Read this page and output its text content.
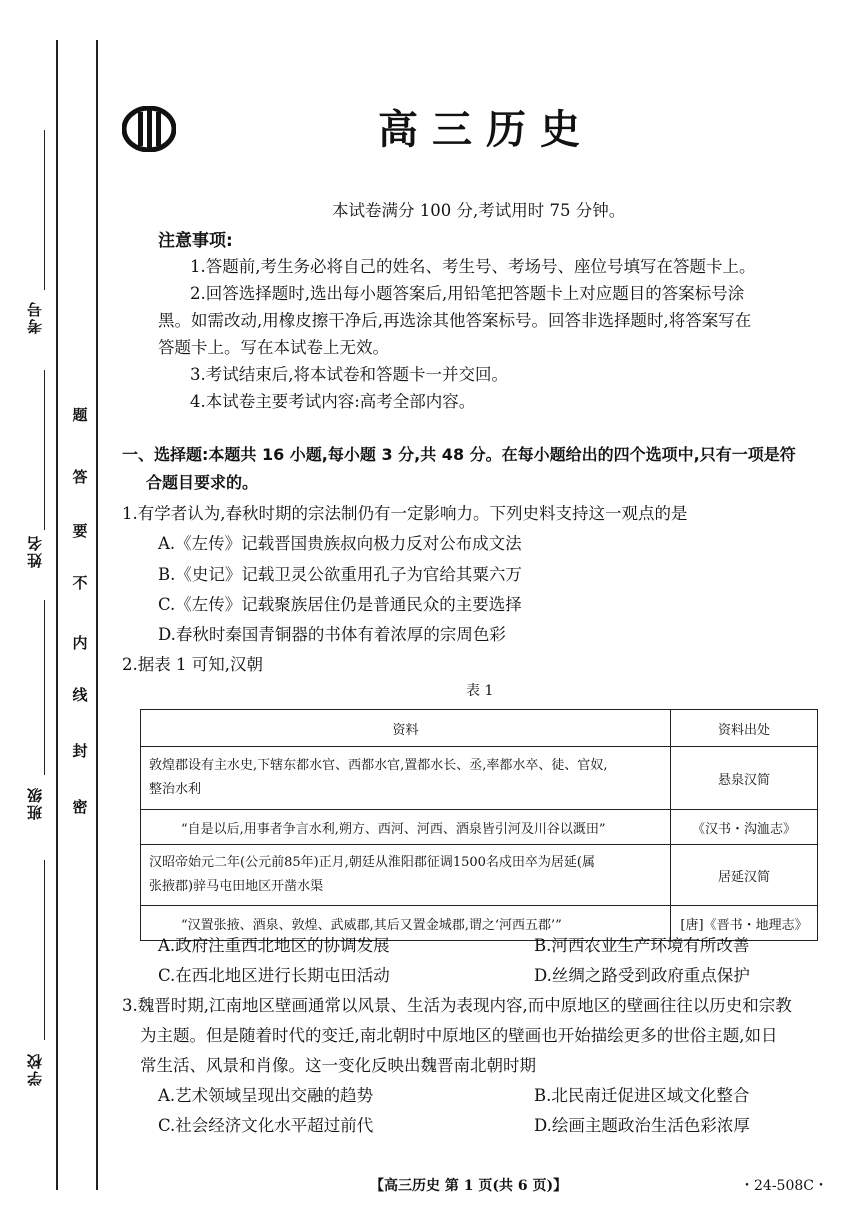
考号
姓名
班级
学校
题
答
要
不
内
线
封
密
高三历史
本试卷满分 100 分,考试用时 75 分钟。
注意事项:
1.答题前,考生务必将自己的姓名、考生号、考场号、座位号填写在答题卡上。
2.回答选择题时,选出每小题答案后,用铅笔把答题卡上对应题目的答案标号涂
黑。如需改动,用橡皮擦干净后,再选涂其他答案标号。回答非选择题时,将答案写在
答题卡上。写在本试卷上无效。
3.考试结束后,将本试卷和答题卡一并交回。
4.本试卷主要考试内容:高考全部内容。
一、选择题:本题共 16 小题,每小题 3 分,共 48 分。在每小题给出的四个选项中,只有一项是符
合题目要求的。
1.有学者认为,春秋时期的宗法制仍有一定影响力。下列史料支持这一观点的是
A.《左传》记载晋国贵族叔向极力反对公布成文法
B.《史记》记载卫灵公欲重用孔子为官给其粟六万
C.《左传》记载聚族居住仍是普通民众的主要选择
D.春秋时秦国青铜器的书体有着浓厚的宗周色彩
2.据表 1 可知,汉朝
表 1
资料	资料出处
敦煌郡设有主水史,下辖东都水官、西都水官,置都水长、丞,率都水卒、徒、官奴,
整治水利	悬泉汉简
“自是以后,用事者争言水利,朔方、西河、河西、酒泉皆引河及川谷以溉田”	《汉书・沟洫志》
汉昭帝始元二年(公元前85年)正月,朝廷从淮阳郡征调1500名戍田卒为居延(属
张掖郡)骍马屯田地区开凿水渠	居延汉简
“汉置张掖、酒泉、敦煌、武威郡,其后又置金城郡,谓之‘河西五郡’”	[唐]《晋书・地理志》
A.政府注重西北地区的协调发展	B.河西农业生产环境有所改善
C.在西北地区进行长期屯田活动	D.丝绸之路受到政府重点保护
3.魏晋时期,江南地区壁画通常以风景、生活为表现内容,而中原地区的壁画往往以历史和宗教
为主题。但是随着时代的变迁,南北朝时中原地区的壁画也开始描绘更多的世俗主题,如日
常生活、风景和肖像。这一变化反映出魏晋南北朝时期
A.艺术领域呈现出交融的趋势	B.北民南迁促进区域文化整合
C.社会经济文化水平超过前代	D.绘画主题政治生活色彩浓厚
【高三历史 第 1 页(共 6 页)】	・24-508C・
